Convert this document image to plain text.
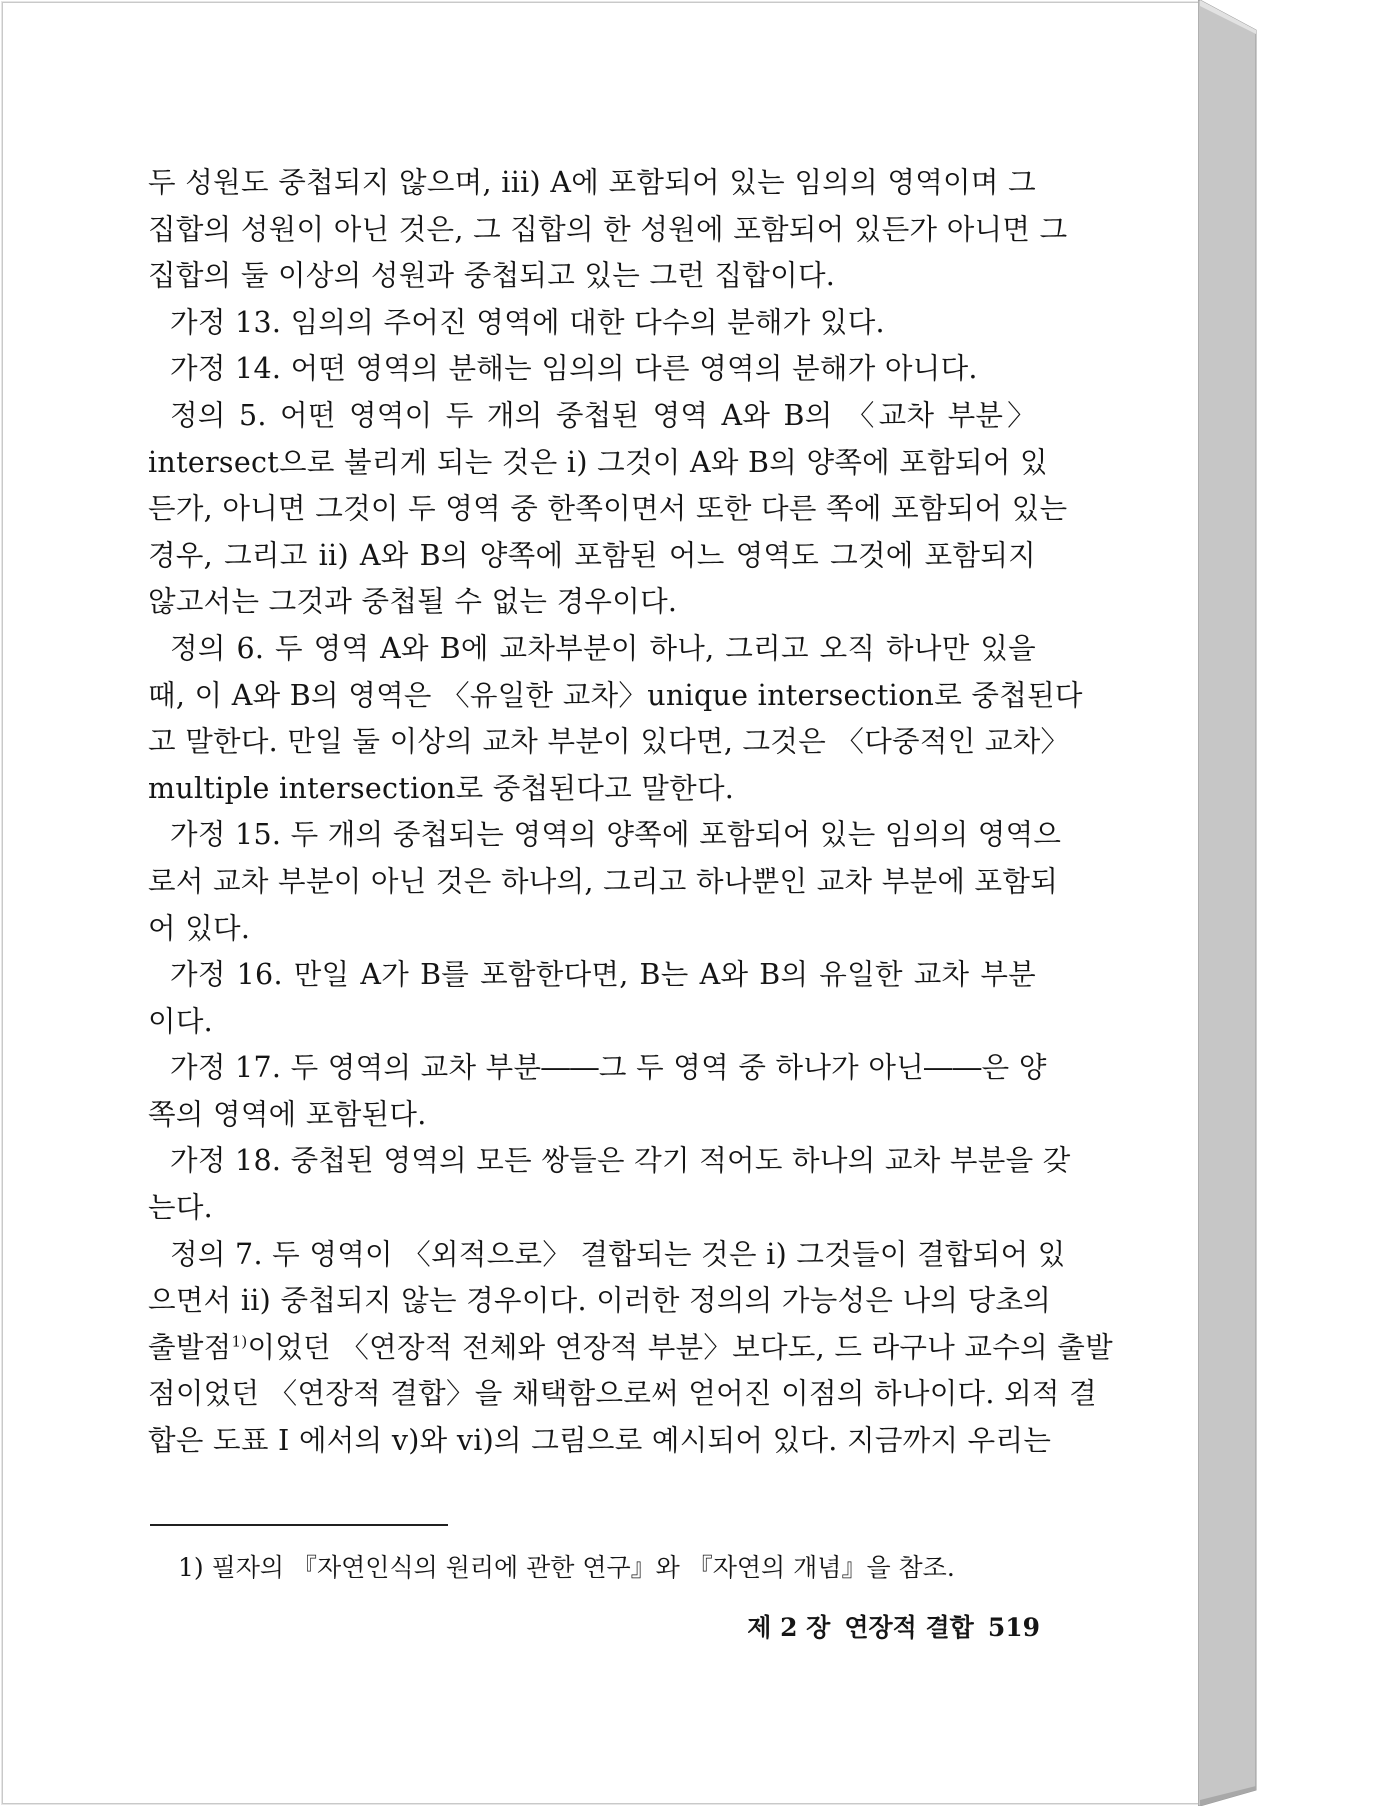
두 성원도 중첩되지 않으며, iii) A에 포함되어 있는 임의의 영역이며 그
집합의 성원이 아닌 것은, 그 집합의 한 성원에 포함되어 있든가 아니면 그
집합의 둘 이상의 성원과 중첩되고 있는 그런 집합이다.
가정 13. 임의의 주어진 영역에 대한 다수의 분해가 있다.
가정 14. 어떤 영역의 분해는 임의의 다른 영역의 분해가 아니다.
정의 5. 어떤 영역이 두 개의 중첩된 영역 A와 B의 〈교차 부분〉
intersect으로 불리게 되는 것은 i) 그것이 A와 B의 양쪽에 포함되어 있
든가, 아니면 그것이 두 영역 중 한쪽이면서 또한 다른 쪽에 포함되어 있는
경우, 그리고 ii) A와 B의 양쪽에 포함된 어느 영역도 그것에 포함되지
않고서는 그것과 중첩될 수 없는 경우이다.
정의 6. 두 영역 A와 B에 교차부분이 하나, 그리고 오직 하나만 있을
때, 이 A와 B의 영역은 〈유일한 교차〉unique intersection로 중첩된다
고 말한다. 만일 둘 이상의 교차 부분이 있다면, 그것은 〈다중적인 교차〉
multiple intersection로 중첩된다고 말한다.
가정 15. 두 개의 중첩되는 영역의 양쪽에 포함되어 있는 임의의 영역으
로서 교차 부분이 아닌 것은 하나의, 그리고 하나뿐인 교차 부분에 포함되
어 있다.
가정 16. 만일 A가 B를 포함한다면, B는 A와 B의 유일한 교차 부분
이다.
가정 17. 두 영역의 교차 부분――그 두 영역 중 하나가 아닌――은 양
쪽의 영역에 포함된다.
가정 18. 중첩된 영역의 모든 쌍들은 각기 적어도 하나의 교차 부분을 갖
는다.
정의 7. 두 영역이 〈외적으로〉 결합되는 것은 i) 그것들이 결합되어 있
으면서 ii) 중첩되지 않는 경우이다. 이러한 정의의 가능성은 나의 당초의
출발점$^{1)}$이었던 〈연장적 전체와 연장적 부분〉보다도, 드 라구나 교수의 출발
점이었던 〈연장적 결합〉을 채택함으로써 얻어진 이점의 하나이다. 외적 결
합은 도표 I 에서의 v)와 vi)의 그림으로 예시되어 있다. 지금까지 우리는
1) 필자의 『자연인식의 원리에 관한 연구』와 『자연의 개념』을 참조.
제 2 장 연장적 결합 519
